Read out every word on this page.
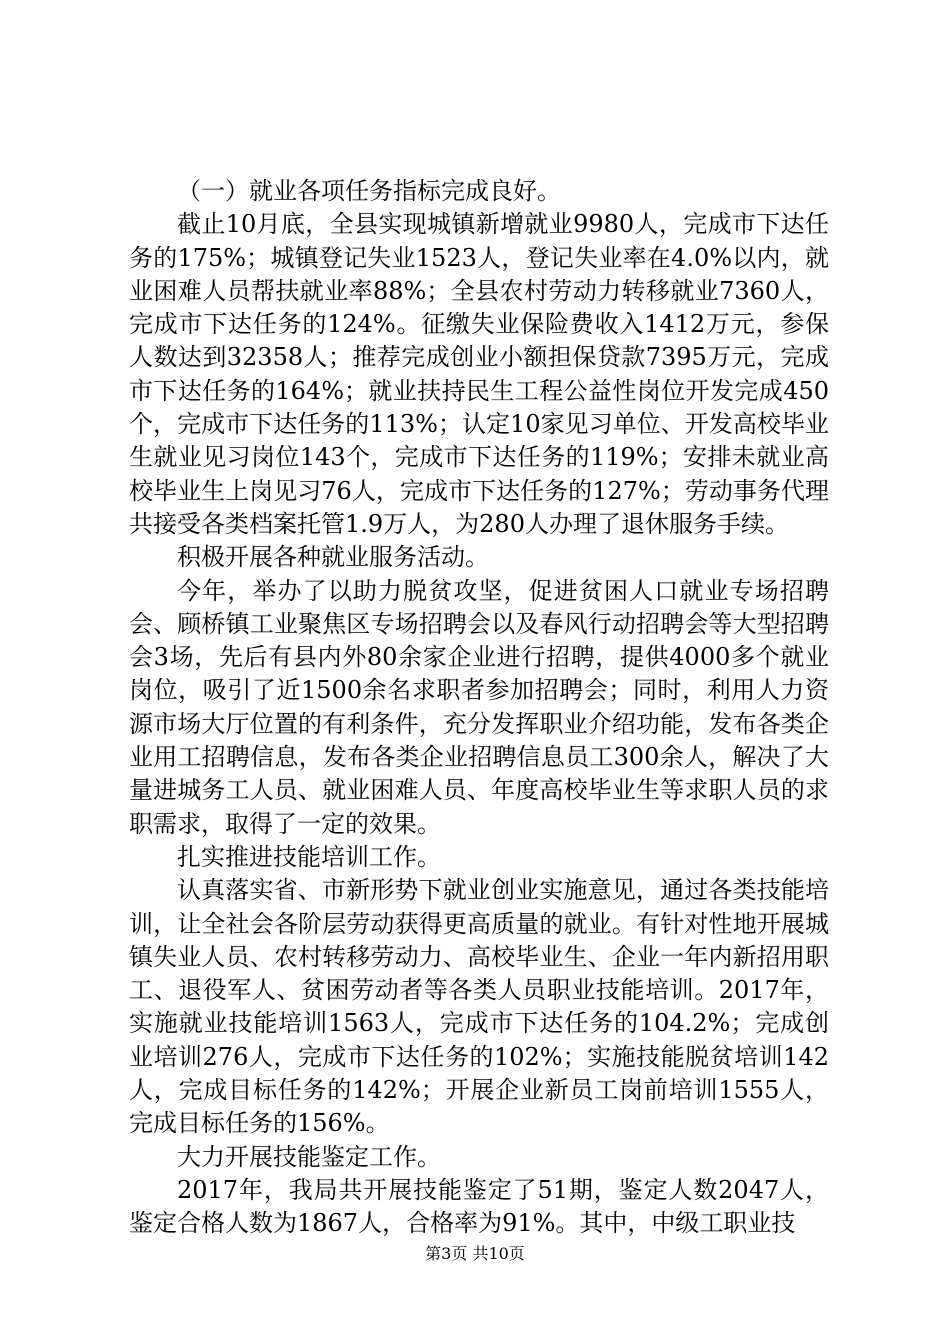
（一）就业各项任务指标完成良好。

截止10月底，全县实现城镇新增就业9980人，完成市下达任务的175%；城镇登记失业1523人，登记失业率在4.0%以内，就业困难人员帮扶就业率88%；全县农村劳动力转移就业7360人，完成市下达任务的124%。征缴失业保险费收入1412万元，参保人数达到32358人；推荐完成创业小额担保贷款7395万元，完成市下达任务的164%；就业扶持民生工程公益性岗位开发完成450个，完成市下达任务的113%；认定10家见习单位、开发高校毕业生就业见习岗位143个，完成市下达任务的119%；安排未就业高校毕业生上岗见习76人，完成市下达任务的127%；劳动事务代理共接受各类档案托管1.9万人，为280人办理了退休服务手续。

积极开展各种就业服务活动。

今年，举办了以助力脱贫攻坚，促进贫困人口就业专场招聘会、顾桥镇工业聚焦区专场招聘会以及春风行动招聘会等大型招聘会3场，先后有县内外80余家企业进行招聘，提供4000多个就业岗位，吸引了近1500余名求职者参加招聘会；同时，利用人力资源市场大厅位置的有利条件，充分发挥职业介绍功能，发布各类企业用工招聘信息，发布各类企业招聘信息员工300余人，解决了大量进城务工人员、就业困难人员、年度高校毕业生等求职人员的求职需求，取得了一定的效果。

扎实推进技能培训工作。

认真落实省、市新形势下就业创业实施意见，通过各类技能培训，让全社会各阶层劳动获得更高质量的就业。有针对性地开展城镇失业人员、农村转移劳动力、高校毕业生、企业一年内新招用职工、退役军人、贫困劳动者等各类人员职业技能培训。2017年，实施就业技能培训1563人，完成市下达任务的104.2%；完成创业培训276人，完成市下达任务的102%；实施技能脱贫培训142人，完成目标任务的142%；开展企业新员工岗前培训1555人，完成目标任务的156%。

大力开展技能鉴定工作。

2017年，我局共开展技能鉴定了51期，鉴定人数2047人，鉴定合格人数为1867人，合格率为91%。其中，中级工职业技

第3页 共10页
